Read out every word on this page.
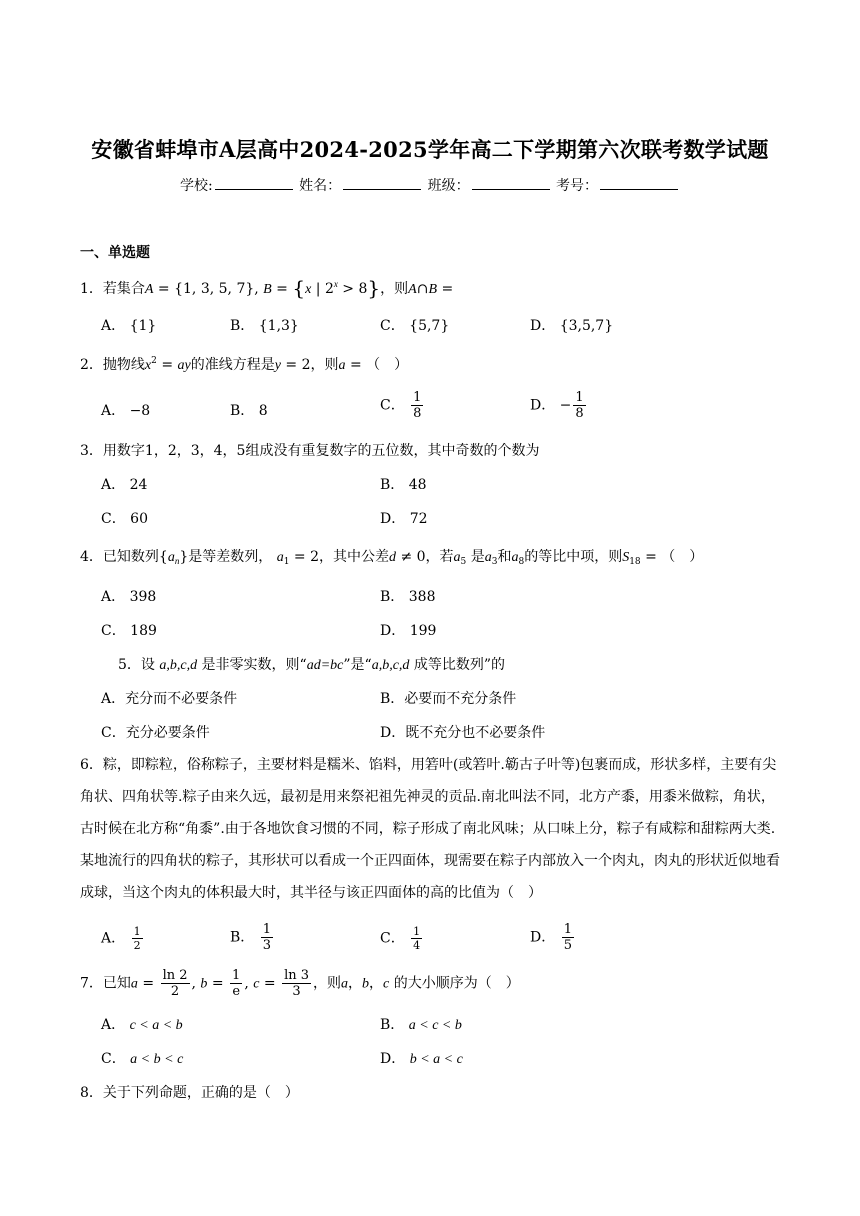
安徽省蚌埠市A层高中2024-2025学年高二下学期第六次联考数学试题
学校:	姓名：	班级：	考号：
一、单选题
1．若集合A = {1, 3, 5, 7}, B = {x | $2^x > 8$}，则A∩B =
A． {1}	B． {1,3}	C． {5,7}	D． {3,5,7}
2．抛物线$x^2$ = ay的准线方程是y = 2，则a = （　）
A． −8	B． 8	C． $\frac{1}{8}$	D． − $\frac{1}{8}$
3．用数字1，2，3，4，5组成没有重复数字的五位数，其中奇数的个数为
A． 24	B． 48
C． 60	D． 72
4．已知数列$\{a_n\}$是等差数列， $a_1 = 2$，其中公差d ≠ 0，若$a_5$ 是$a_3$和$a_8$的等比中项，则$S_{18}$ = （　）
A． 398	B． 388
C． 189	D． 199
5．设 a,b,c,d 是非零实数，则“ad=bc”是“a,b,c,d 成等比数列”的
A．充分而不必要条件	B．必要而不充分条件
C．充分必要条件	D．既不充分也不必要条件
6．粽，即粽粒，俗称粽子，主要材料是糯米、馅料，用箬叶(或箬叶.簕古子叶等)包裹而成，形状多样，主要有尖角状、四角状等.粽子由来久远，最初是用来祭祀祖先神灵的贡品.南北叫法不同，北方产黍，用黍米做粽，角状，古时候在北方称“角黍”.由于各地饮食习惯的不同，粽子形成了南北风味；从口味上分，粽子有咸粽和甜粽两大类.某地流行的四角状的粽子，其形状可以看成一个正四面体，现需要在粽子内部放入一个肉丸，肉丸的形状近似地看成球，当这个肉丸的体积最大时，其半径与该正四面体的高的比值为（　）
A． $\frac{1}{2}$	B． $\frac{1}{3}$	C． $\frac{1}{4}$	D． $\frac{1}{5}$
7．已知$a = \frac{\ln 2}{2}$ , $b = \frac{1}{e}$ , $c = \frac{\ln 3}{3}$ ，则a，b，c 的大小顺序为（　）
A． c < a < b	B． a < c < b
C． a < b < c	D． b < a < c
8．关于下列命题，正确的是（　）
